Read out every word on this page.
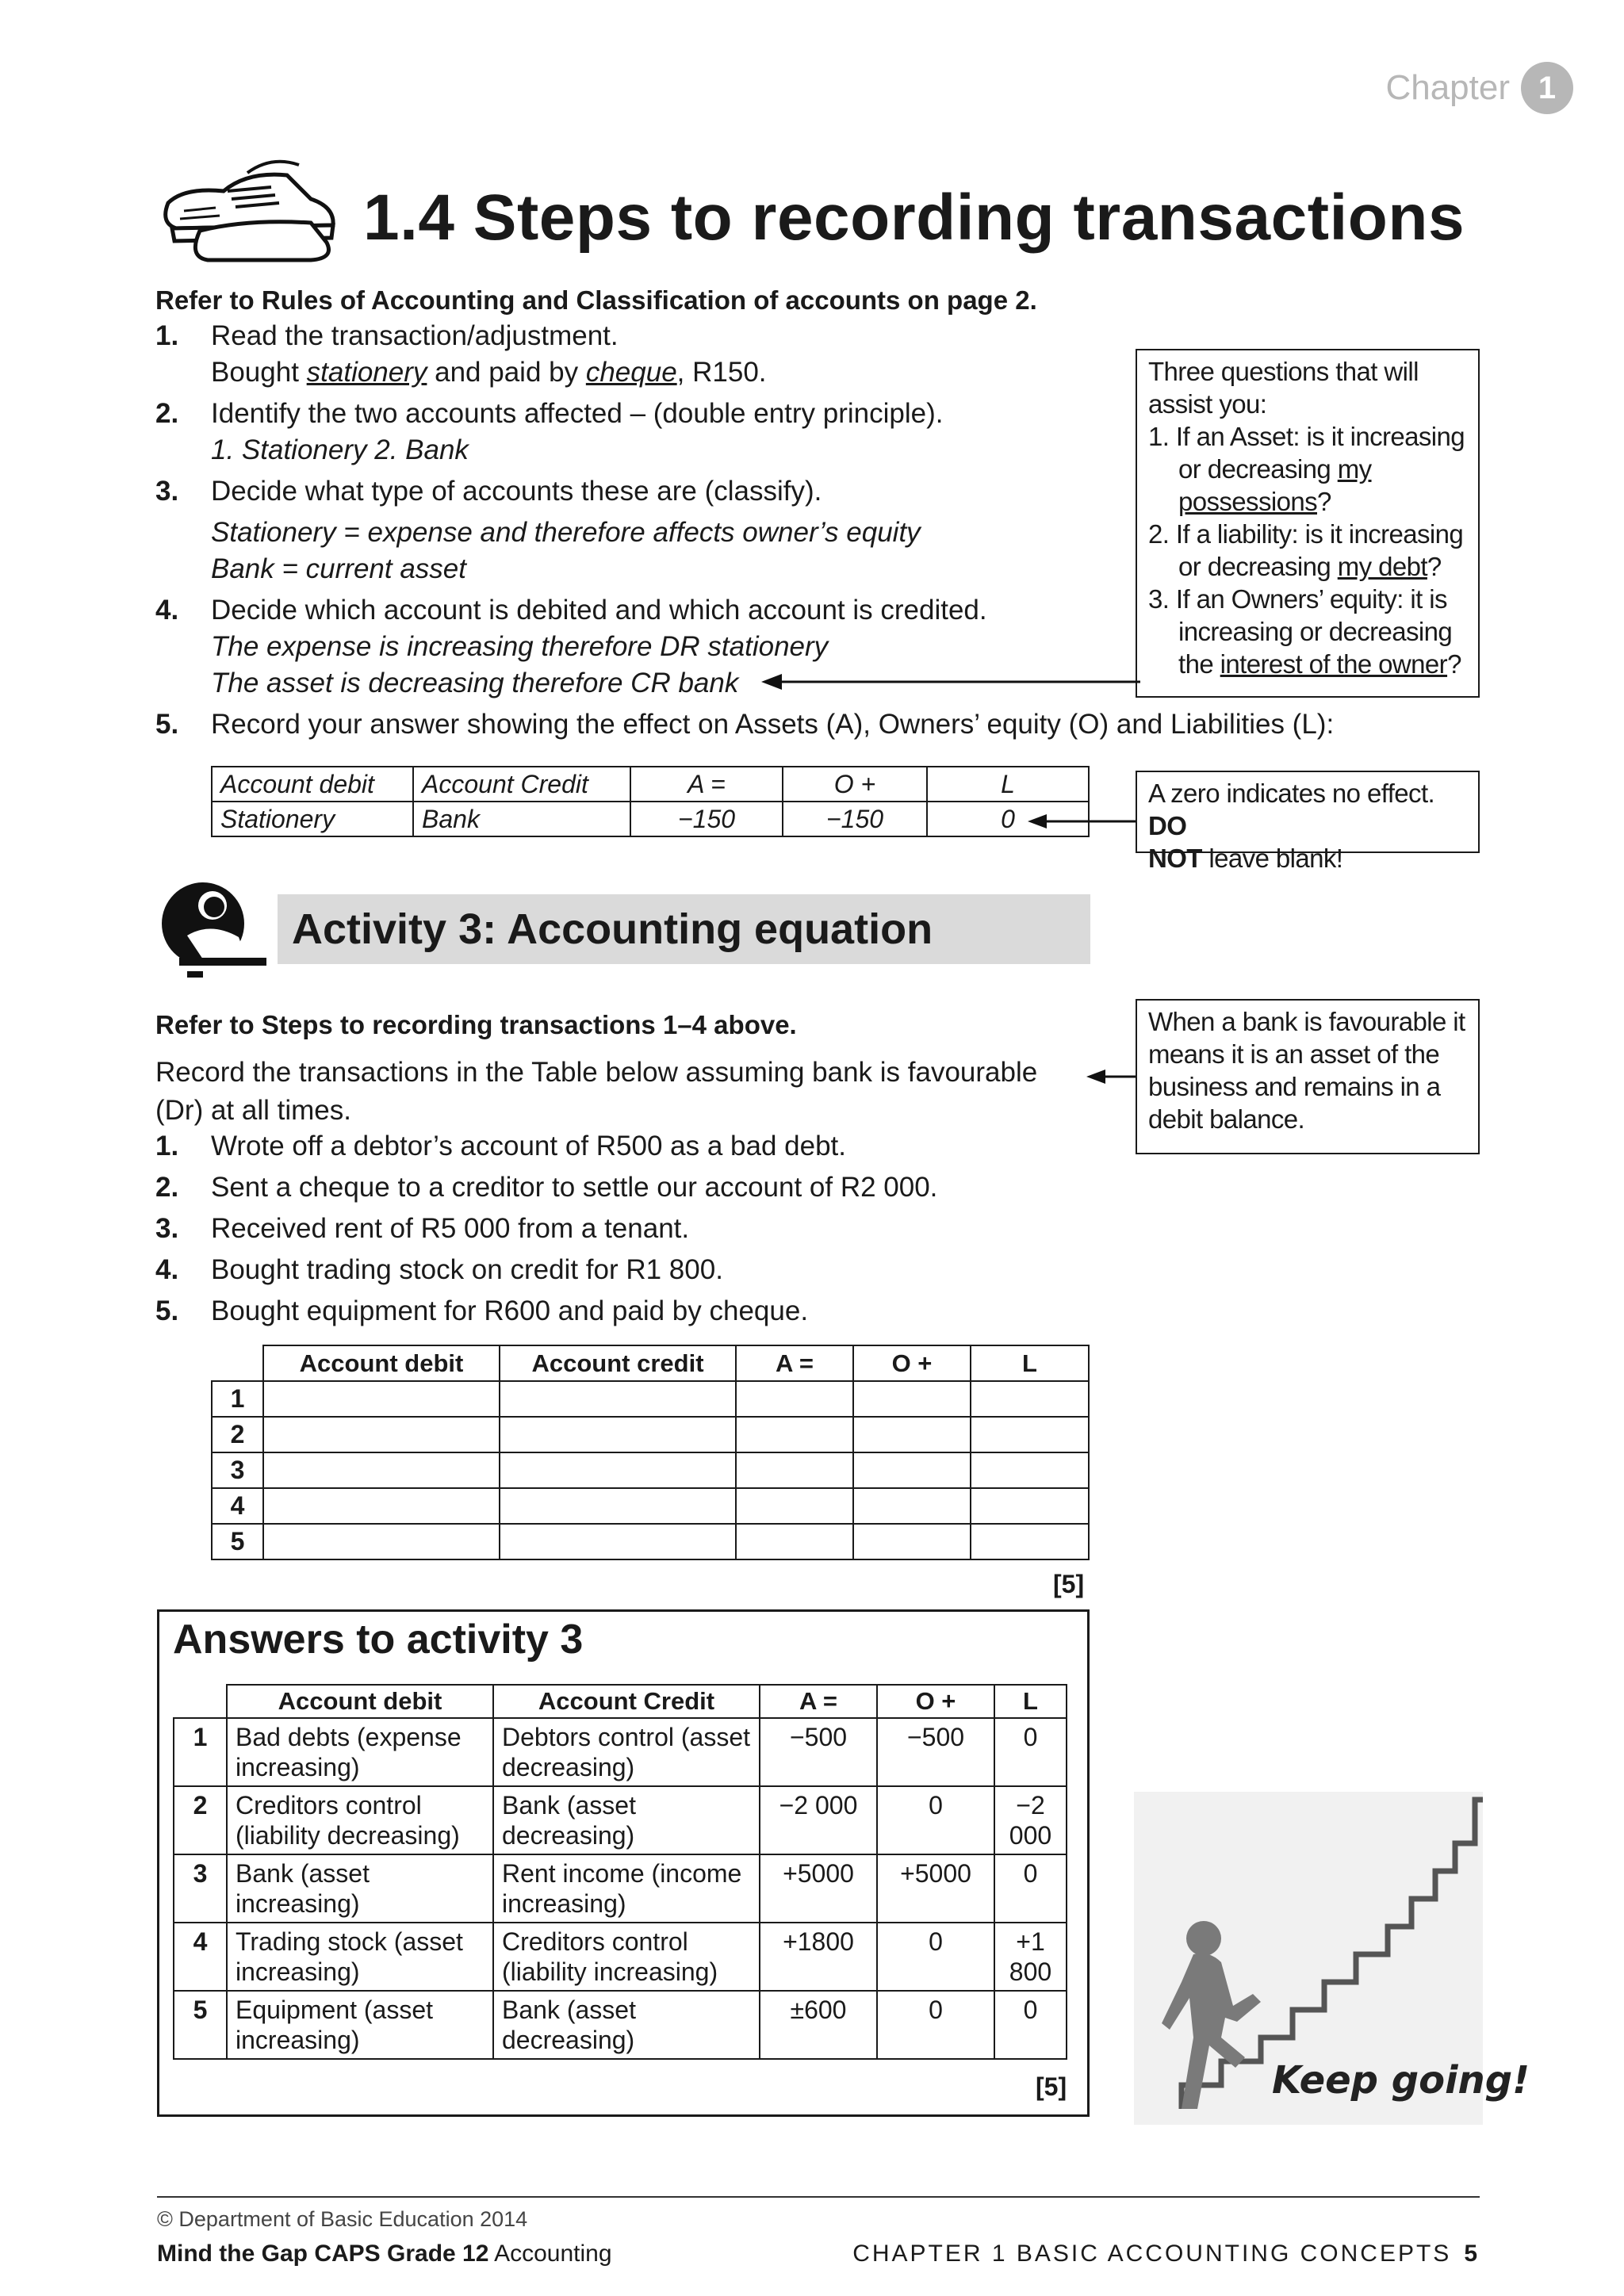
Chapter 1
1.4 Steps to recording transactions
Refer to Rules of Accounting and Classification of accounts on page 2.
1. Read the transaction/adjustment.
Bought stationery and paid by cheque, R150.
2. Identify the two accounts affected – (double entry principle).
1. Stationery 2. Bank
3. Decide what type of accounts these are (classify).
Stationery = expense and therefore affects owner’s equity
Bank = current asset
4. Decide which account is debited and which account is credited.
The expense is increasing therefore DR stationery
The asset is decreasing therefore CR bank
5. Record your answer showing the effect on Assets (A), Owners’ equity (O) and Liabilities (L):
Three questions that will assist you:
1. If an Asset: is it increasing or decreasing my possessions?
2. If a liability: is it increasing or decreasing my debt?
3. If an Owners’ equity: it is increasing or decreasing the interest of the owner?
Account debit	Account Credit	A =	O +	L
Stationery	Bank	−150	−150	0
A zero indicates no effect. DO
NOT leave blank!
Activity 3: Accounting equation
Refer to Steps to recording transactions 1–4 above.
Record the transactions in the Table below assuming bank is favourable
(Dr) at all times.
When a bank is favourable it means it is an asset of the business and remains in a debit balance.
1. Wrote off a debtor’s account of R500 as a bad debt.
2. Sent a cheque to a creditor to settle our account of R2 000.
3. Received rent of R5 000 from a tenant.
4. Bought trading stock on credit for R1 800.
5. Bought equipment for R600 and paid by cheque.
	Account debit	Account credit	A =	O +	L
1					
2					
3					
4					
5					
[5]
Answers to activity 3
	Account debit	Account Credit	A =	O +	L
1	Bad debts (expense increasing)	Debtors control (asset decreasing)	−500	−500	0
2	Creditors control (liability decreasing)	Bank (asset decreasing)	−2 000	0	−2 000
3	Bank (asset increasing)	Rent income (income increasing)	+5000	+5000	0
4	Trading stock (asset increasing)	Creditors control (liability increasing)	+1800	0	+1 800
5	Equipment (asset increasing)	Bank (asset decreasing)	±600	0	0
[5]	Keep going!
© Department of Basic Education 2014
Mind the Gap CAPS Grade 12 Accounting	CHAPTER 1 BASIC ACCOUNTING CONCEPTS 5
